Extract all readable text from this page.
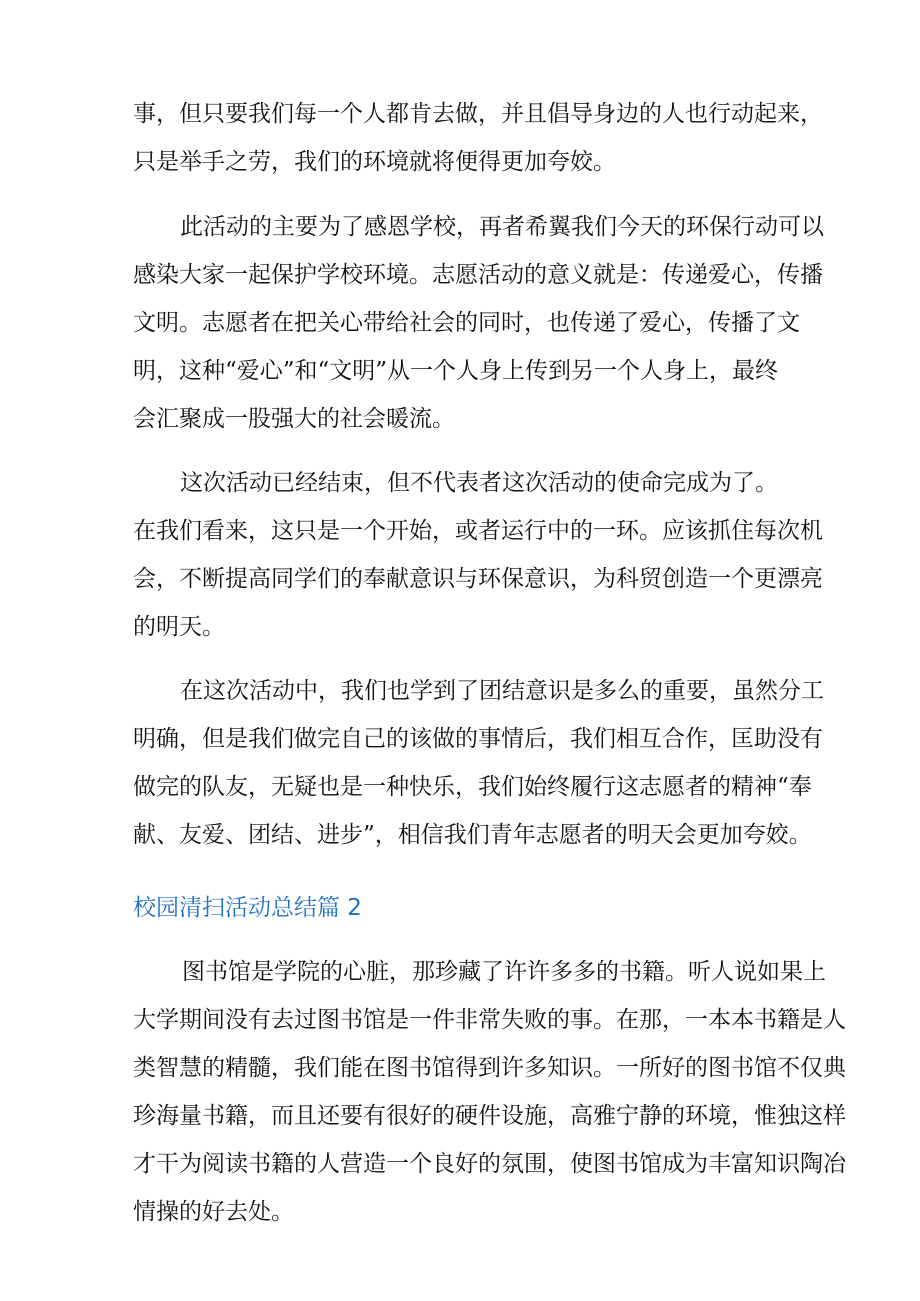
事，但只要我们每一个人都肯去做，并且倡导身边的人也行动起来，
只是举手之劳，我们的环境就将便得更加夸姣。
此活动的主要为了感恩学校，再者希翼我们今天的环保行动可以
感染大家一起保护学校环境。志愿活动的意义就是：传递爱心，传播
文明。志愿者在把关心带给社会的同时，也传递了爱心，传播了文
明，这种“爱心”和“文明”从一个人身上传到另一个人身上，最终
会汇聚成一股强大的社会暖流。
这次活动已经结束，但不代表者这次活动的使命完成为了。
在我们看来，这只是一个开始，或者运行中的一环。应该抓住每次机
会，不断提高同学们的奉献意识与环保意识，为科贸创造一个更漂亮
的明天。
在这次活动中，我们也学到了团结意识是多么的重要，虽然分工
明确，但是我们做完自己的该做的事情后，我们相互合作，匡助没有
做完的队友，无疑也是一种快乐，我们始终履行这志愿者的精神“奉
献、友爱、团结、进步”，相信我们青年志愿者的明天会更加夸姣。
校园清扫活动总结篇 2
图书馆是学院的心脏，那珍藏了许许多多的书籍。听人说如果上
大学期间没有去过图书馆是一件非常失败的事。在那，一本本书籍是人
类智慧的精髓，我们能在图书馆得到许多知识。一所好的图书馆不仅典
珍海量书籍，而且还要有很好的硬件设施，高雅宁静的环境，惟独这样
才干为阅读书籍的人营造一个良好的氛围，使图书馆成为丰富知识陶冶
情操的好去处。
